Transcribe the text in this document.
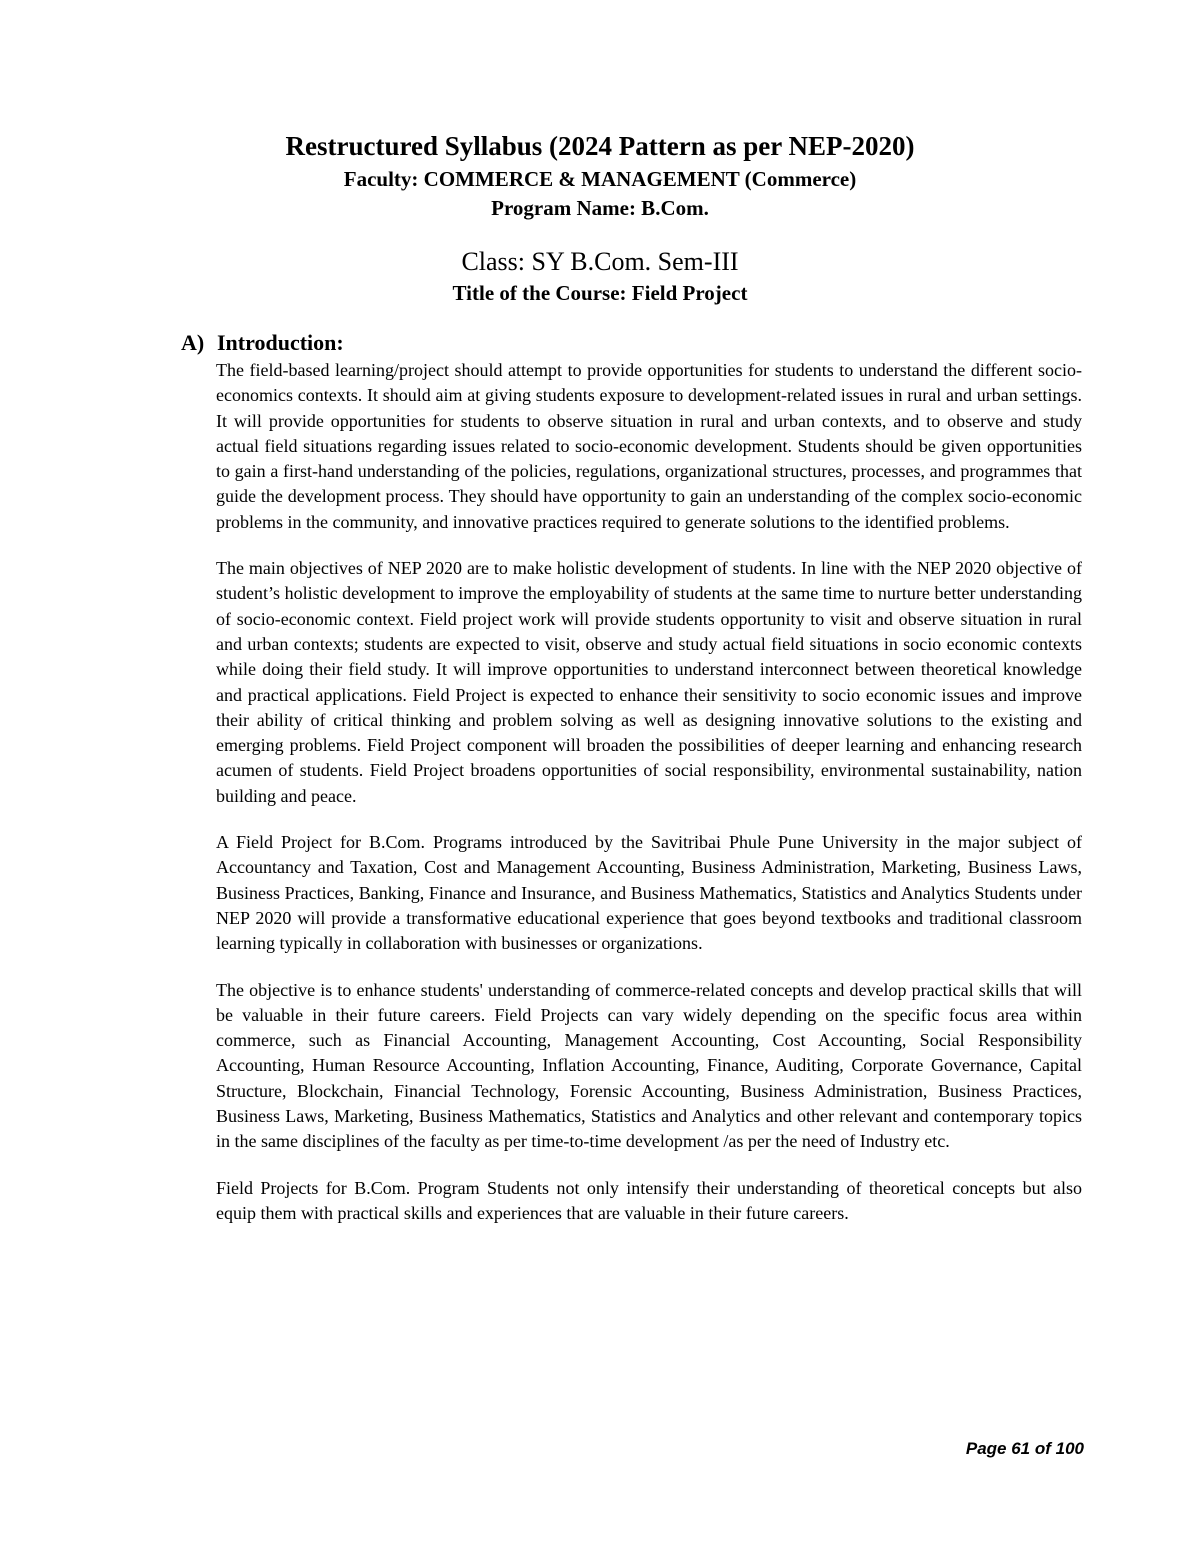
Restructured Syllabus (2024 Pattern as per NEP-2020)
Faculty: COMMERCE & MANAGEMENT (Commerce)
Program Name: B.Com.
Class: SY B.Com. Sem-III
Title of the Course: Field Project
A) Introduction:

The field-based learning/project should attempt to provide opportunities for students to understand the different socio-economics contexts. It should aim at giving students exposure to development-related issues in rural and urban settings. It will provide opportunities for students to observe situation in rural and urban contexts, and to observe and study actual field situations regarding issues related to socio-economic development. Students should be given opportunities to gain a first-hand understanding of the policies, regulations, organizational structures, processes, and programmes that guide the development process. They should have opportunity to gain an understanding of the complex socio-economic problems in the community, and innovative practices required to generate solutions to the identified problems.

The main objectives of NEP 2020 are to make holistic development of students. In line with the NEP 2020 objective of student’s holistic development to improve the employability of students at the same time to nurture better understanding of socio-economic context. Field project work will provide students opportunity to visit and observe situation in rural and urban contexts; students are expected to visit, observe and study actual field situations in socio economic contexts while doing their field study. It will improve opportunities to understand interconnect between theoretical knowledge and practical applications. Field Project is expected to enhance their sensitivity to socio economic issues and improve their ability of critical thinking and problem solving as well as designing innovative solutions to the existing and emerging problems. Field Project component will broaden the possibilities of deeper learning and enhancing research acumen of students. Field Project broadens opportunities of social responsibility, environmental sustainability, nation building and peace.

A Field Project for B.Com. Programs introduced by the Savitribai Phule Pune University in the major subject of Accountancy and Taxation, Cost and Management Accounting, Business Administration, Marketing, Business Laws, Business Practices, Banking, Finance and Insurance, and Business Mathematics, Statistics and Analytics Students under NEP 2020 will provide a transformative educational experience that goes beyond textbooks and traditional classroom learning typically in collaboration with businesses or organizations.

The objective is to enhance students' understanding of commerce-related concepts and develop practical skills that will be valuable in their future careers. Field Projects can vary widely depending on the specific focus area within commerce, such as Financial Accounting, Management Accounting, Cost Accounting, Social Responsibility Accounting, Human Resource Accounting, Inflation Accounting, Finance, Auditing, Corporate Governance, Capital Structure, Blockchain, Financial Technology, Forensic Accounting, Business Administration, Business Practices, Business Laws, Marketing, Business Mathematics, Statistics and Analytics and other relevant and contemporary topics in the same disciplines of the faculty as per time-to-time development /as per the need of Industry etc.

Field Projects for B.Com. Program Students not only intensify their understanding of theoretical concepts but also equip them with practical skills and experiences that are valuable in their future careers.

Page 61 of 100
